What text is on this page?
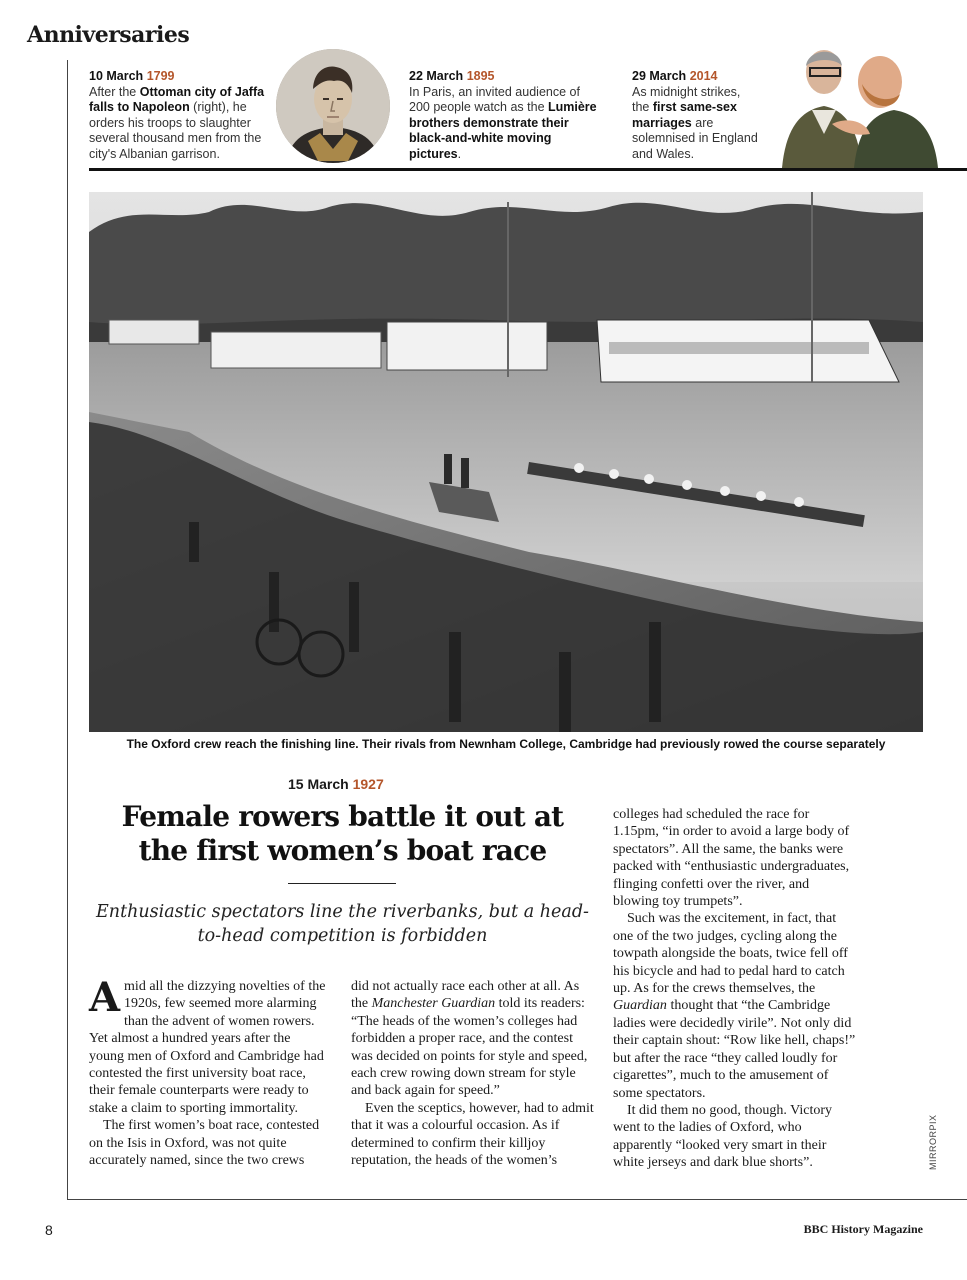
Anniversaries
10 March 1799
After the Ottoman city of Jaffa falls to Napoleon (right), he orders his troops to slaughter several thousand men from the city's Albanian garrison.
22 March 1895
In Paris, an invited audience of 200 people watch as the Lumière brothers demonstrate their black-and-white moving pictures.
29 March 2014
As midnight strikes, the first same-sex marriages are solemnised in England and Wales.
The Oxford crew reach the finishing line. Their rivals from Newnham College, Cambridge had previously rowed the course separately
15 March 1927
Female rowers battle it out at the first women’s boat race
Enthusiastic spectators line the riverbanks, but a head-to-head competition is forbidden

Amid all the dizzying novelties of the 1920s, few seemed more alarming than the advent of women rowers. Yet almost a hundred years after the young men of Oxford and Cambridge had contested the first university boat race, their female counterparts were ready to stake a claim to sporting immortality.

The first women’s boat race, contested on the Isis in Oxford, was not quite accurately named, since the two crews

did not actually race each other at all. As the Manchester Guardian told its readers: “The heads of the women’s colleges had forbidden a proper race, and the contest was decided on points for style and speed, each crew rowing down stream for style and back again for speed.”

Even the sceptics, however, had to admit that it was a colourful occasion. As if determined to confirm their killjoy reputation, the heads of the women’s

colleges had scheduled the race for 1.15pm, “in order to avoid a large body of spectators”. All the same, the banks were packed with “enthusiastic undergraduates, flinging confetti over the river, and blowing toy trumpets”.

Such was the excitement, in fact, that one of the two judges, cycling along the towpath alongside the boats, twice fell off his bicycle and had to pedal hard to catch up. As for the crews themselves, the Guardian thought that “the Cambridge ladies were decidedly virile”. Not only did their captain shout: “Row like hell, chaps!” but after the race “they called loudly for cigarettes”, much to the amusement of some spectators.

It did them no good, though. Victory went to the ladies of Oxford, who apparently “looked very smart in their white jerseys and dark blue shorts”.	MIRRORPIX
8	BBC History Magazine
